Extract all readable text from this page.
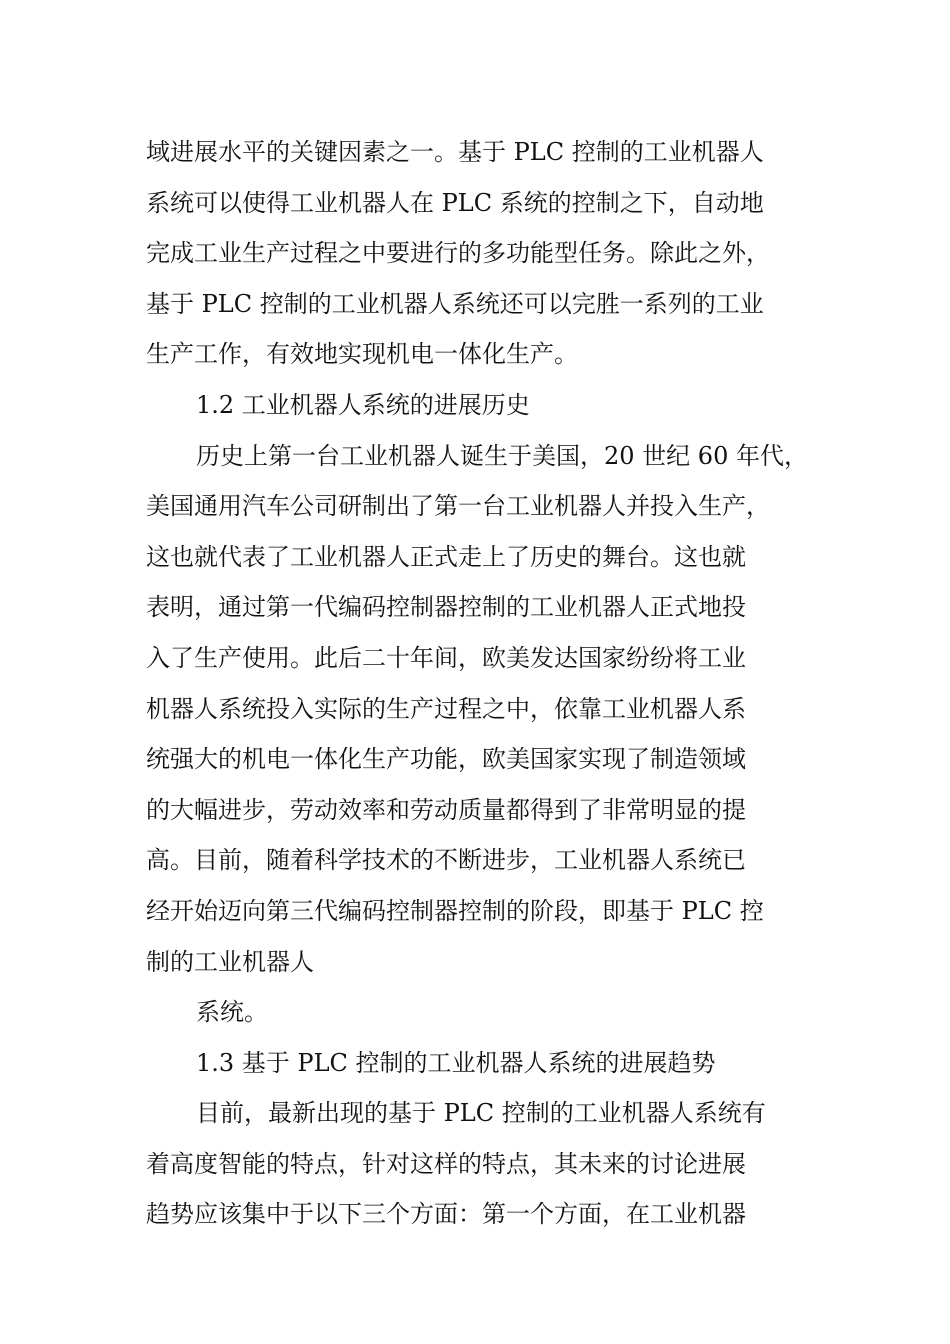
域进展水平的关键因素之一。基于 PLC 控制的工业机器人
系统可以使得工业机器人在 PLC 系统的控制之下，自动地
完成工业生产过程之中要进行的多功能型任务。除此之外，
基于 PLC 控制的工业机器人系统还可以完胜一系列的工业
生产工作，有效地实现机电一体化生产。
1.2 工业机器人系统的进展历史
历史上第一台工业机器人诞生于美国，20 世纪 60 年代，
美国通用汽车公司研制出了第一台工业机器人并投入生产，
这也就代表了工业机器人正式走上了历史的舞台。这也就
表明，通过第一代编码控制器控制的工业机器人正式地投
入了生产使用。此后二十年间，欧美发达国家纷纷将工业
机器人系统投入实际的生产过程之中，依靠工业机器人系
统强大的机电一体化生产功能，欧美国家实现了制造领域
的大幅进步，劳动效率和劳动质量都得到了非常明显的提
高。目前，随着科学技术的不断进步，工业机器人系统已
经开始迈向第三代编码控制器控制的阶段，即基于 PLC 控
制的工业机器人
系统。
1.3 基于 PLC 控制的工业机器人系统的进展趋势
目前，最新出现的基于 PLC 控制的工业机器人系统有
着高度智能的特点，针对这样的特点，其未来的讨论进展
趋势应该集中于以下三个方面：第一个方面，在工业机器
